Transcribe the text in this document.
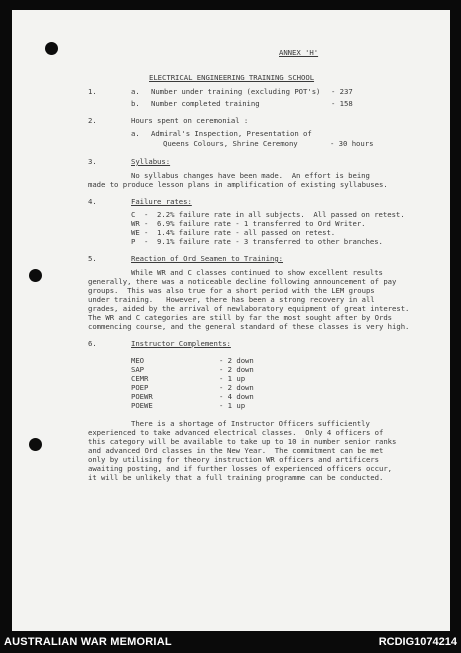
ANNEX 'H'
ELECTRICAL ENGINEERING TRAINING SCHOOL
1.	a. Number under training (excluding POT's) - 237
b. Number completed training	- 158
2.	Hours spent on ceremonial :
a. Admiral's Inspection, Presentation of
Queens Colours, Shrine Ceremony	- 30 hours
3.	Syllabus:
No syllabus changes have been made.  An effort is being
made to produce lesson plans in amplification of existing syllabuses.
4.	Failure rates:
C  -  2.2% failure rate in all subjects.  All passed on retest.
WR -  6.9% failure rate - 1 transferred to Ord Writer.
WE -  1.4% failure rate - all passed on retest.
P  -  9.1% failure rate - 3 transferred to other branches.
5.	Reaction of Ord Seamen to Training:
While WR and C classes continued to show excellent results
generally, there was a noticeable decline following announcement of pay
groups.  This was also true for a short period with the LEM groups
under training.   However, there has been a strong recovery in all
grades, aided by the arrival of newlaboratory equipment of great interest.
The WR and C categories are still by far the most sought after by Ords
commencing course, and the general standard of these classes is very high.
6.	Instructor Complements:
MEO	- 2 down
SAP	- 2 down
CEMR	- 1 up
POEP	- 2 down
POEWR	- 4 down
POEWE	- 1 up
There is a shortage of Instructor Officers sufficiently
experienced to take advanced electrical classes.  Only 4 officers of
this category will be available to take up to 10 in number senior ranks
and advanced Ord classes in the New Year.  The commitment can be met
only by utilising for theory instruction WR officers and artificers
awaiting posting, and if further losses of experienced officers occur,
it will be unlikely that a full training programme can be conducted.
AUSTRALIAN WAR MEMORIAL	RCDIG1074214
